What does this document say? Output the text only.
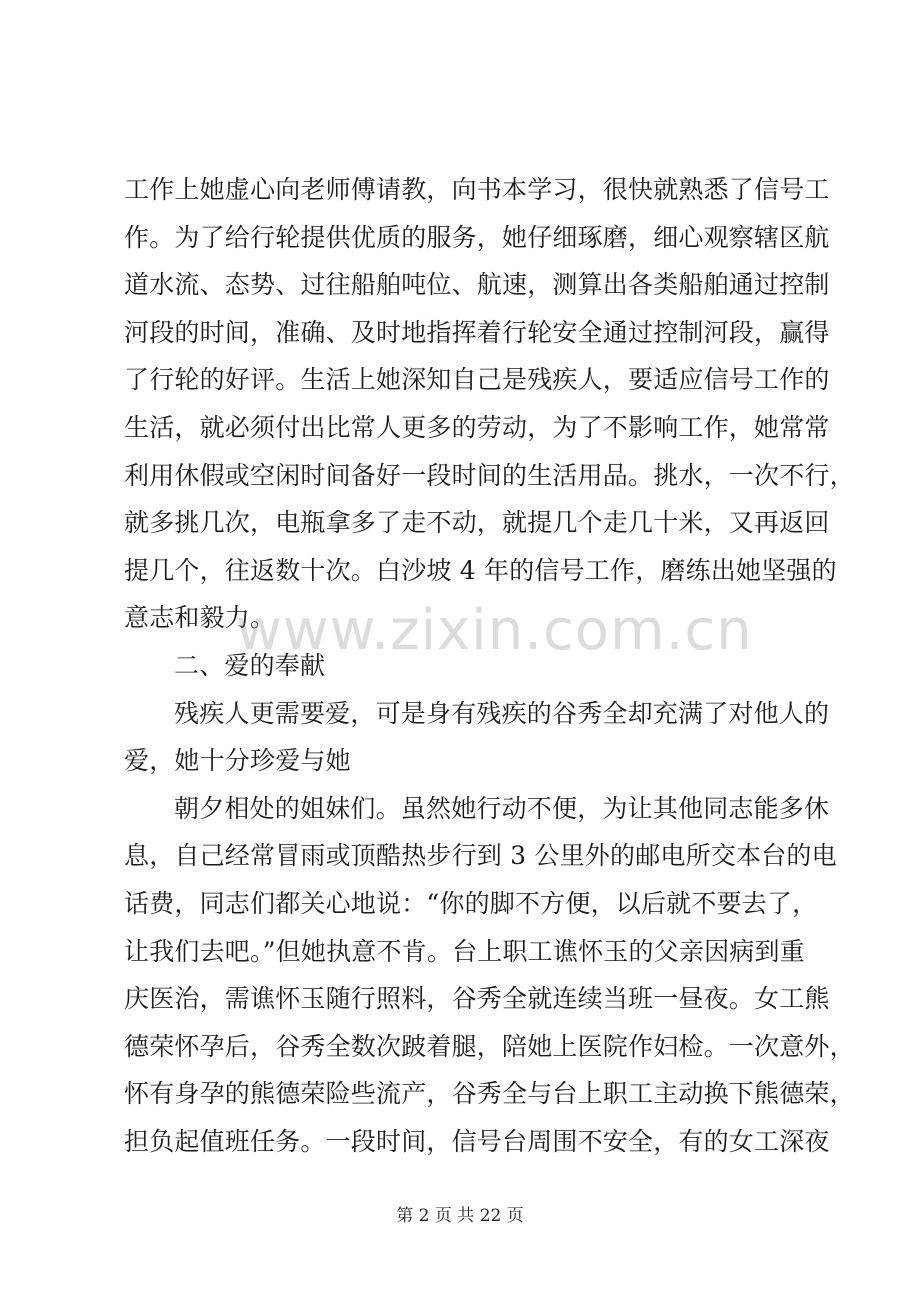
工作上她虚心向老师傅请教，向书本学习，很快就熟悉了信号工
作。为了给行轮提供优质的服务，她仔细琢磨，细心观察辖区航
道水流、态势、过往船舶吨位、航速，测算出各类船舶通过控制
河段的时间，准确、及时地指挥着行轮安全通过控制河段，赢得
了行轮的好评。生活上她深知自己是残疾人，要适应信号工作的
生活，就必须付出比常人更多的劳动，为了不影响工作，她常常
利用休假或空闲时间备好一段时间的生活用品。挑水，一次不行，
就多挑几次，电瓶拿多了走不动，就提几个走几十米，又再返回
提几个，往返数十次。白沙坡 4 年的信号工作，磨练出她坚强的
意志和毅力。
二、爱的奉献
残疾人更需要爱，可是身有残疾的谷秀全却充满了对他人的
爱，她十分珍爱与她
朝夕相处的姐妹们。虽然她行动不便，为让其他同志能多休
息，自己经常冒雨或顶酷热步行到 3 公里外的邮电所交本台的电
话费，同志们都关心地说：“你的脚不方便，以后就不要去了，
让我们去吧。”但她执意不肯。台上职工谯怀玉的父亲因病到重
庆医治，需谯怀玉随行照料，谷秀全就连续当班一昼夜。女工熊
德荣怀孕后，谷秀全数次跛着腿，陪她上医院作妇检。一次意外，
怀有身孕的熊德荣险些流产，谷秀全与台上职工主动换下熊德荣，
担负起值班任务。一段时间，信号台周围不安全，有的女工深夜
www.zixin.com.cn
第 2 页 共 22 页
